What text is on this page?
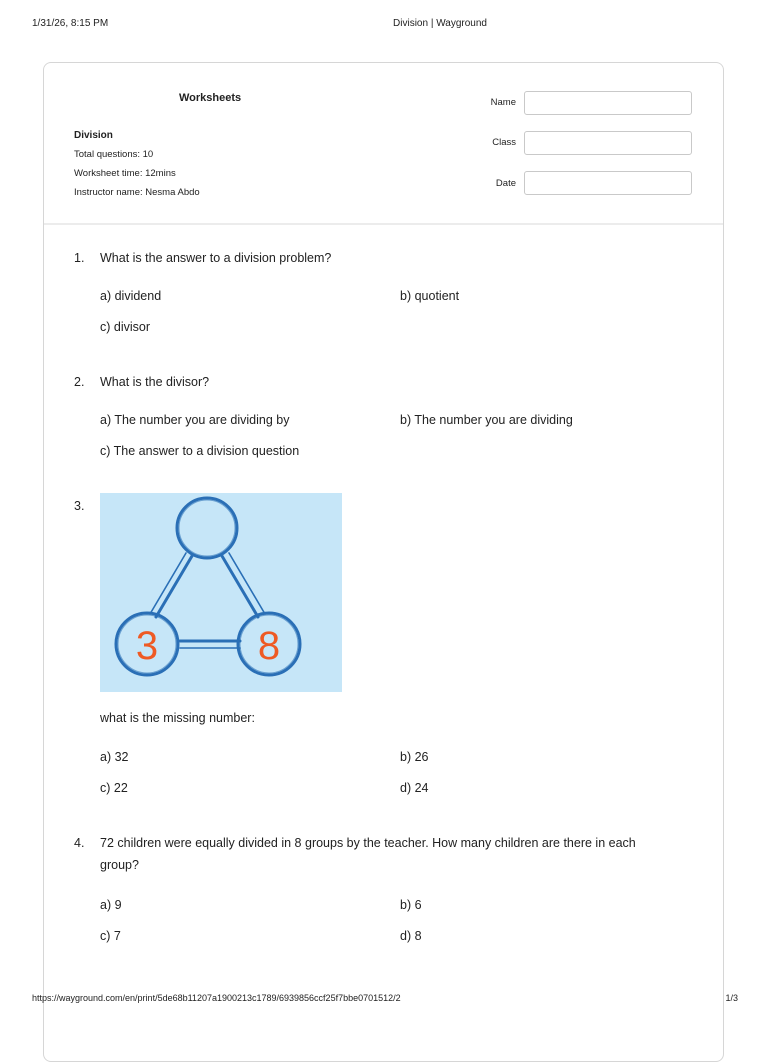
1/31/26, 8:15 PM	Division | Wayground
Worksheets
Division
Total questions: 10
Worksheet time: 12mins
Instructor name: Nesma Abdo
Name
Class
Date
1. What is the answer to a division problem?
a) dividend	b) quotient
c) divisor
2. What is the divisor?
a) The number you are dividing by	b) The number you are dividing
c) The answer to a division question
3.
3 8
what is the missing number:
a) 32	b) 26
c) 22	d) 24
4. 72 children were equally divided in 8 groups by the teacher. How many children are there in each group?
a) 9	b) 6
c) 7	d) 8
https://wayground.com/en/print/5de68b11207a1900213c1789/6939856ccf25f7bbe0701512/2	1/3
